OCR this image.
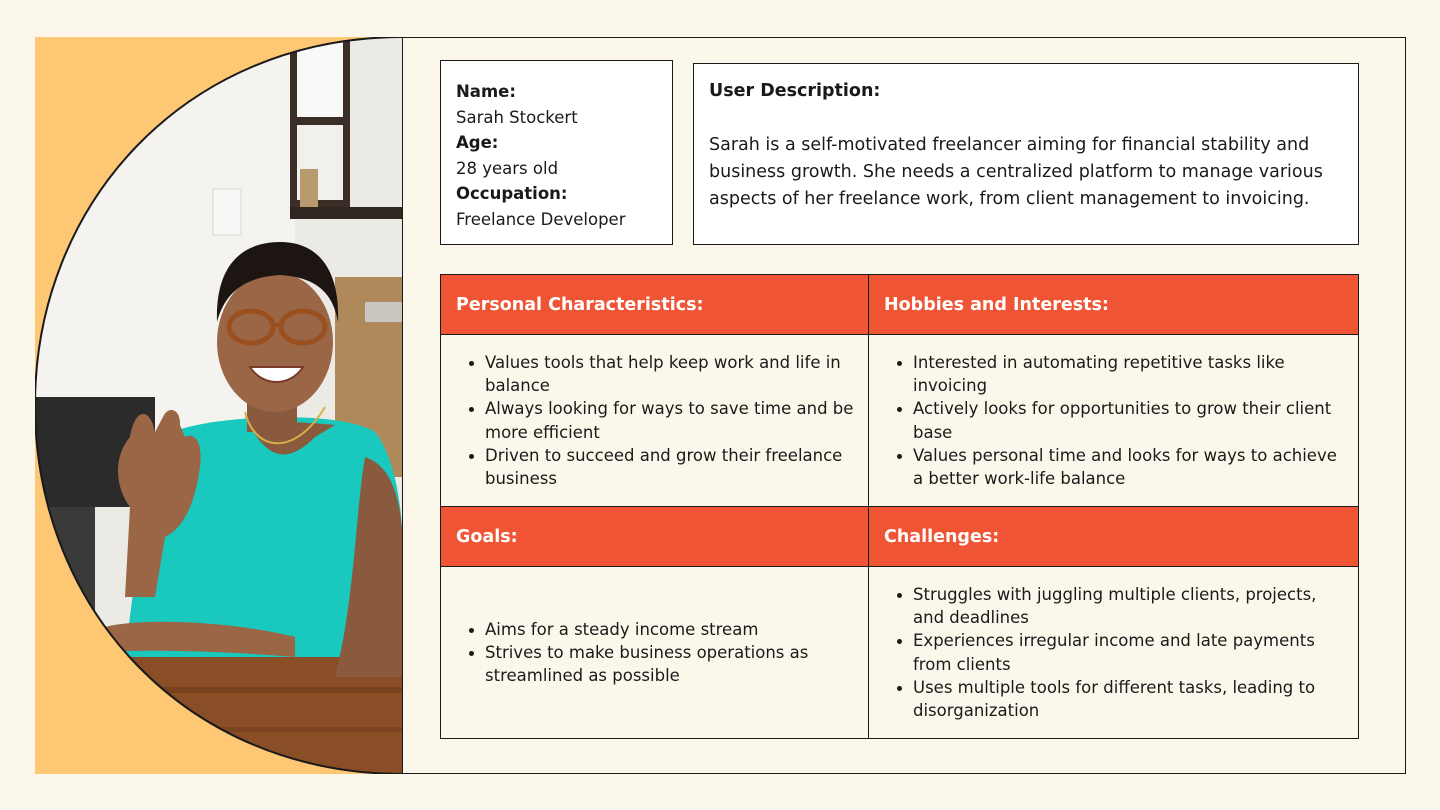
Name:
Sarah Stockert
Age:
28 years old
Occupation:
Freelance Developer
User Description:
Sarah is a self-motivated freelancer aiming for financial stability and business growth. She needs a centralized platform to manage various aspects of her freelance work, from client management to invoicing.
Personal Characteristics:	Hobbies and Interests:
Values tools that help keep work and life in balance
Always looking for ways to save time and be more efficient
Driven to succeed and grow their freelance business
Interested in automating repetitive tasks like invoicing
Actively looks for opportunities to grow their client base
Values personal time and looks for ways to achieve a better work-life balance
Goals:	Challenges:
Aims for a steady income stream
Strives to make business operations as streamlined as possible
Struggles with juggling multiple clients, projects, and deadlines
Experiences irregular income and late payments from clients
Uses multiple tools for different tasks, leading to disorganization
